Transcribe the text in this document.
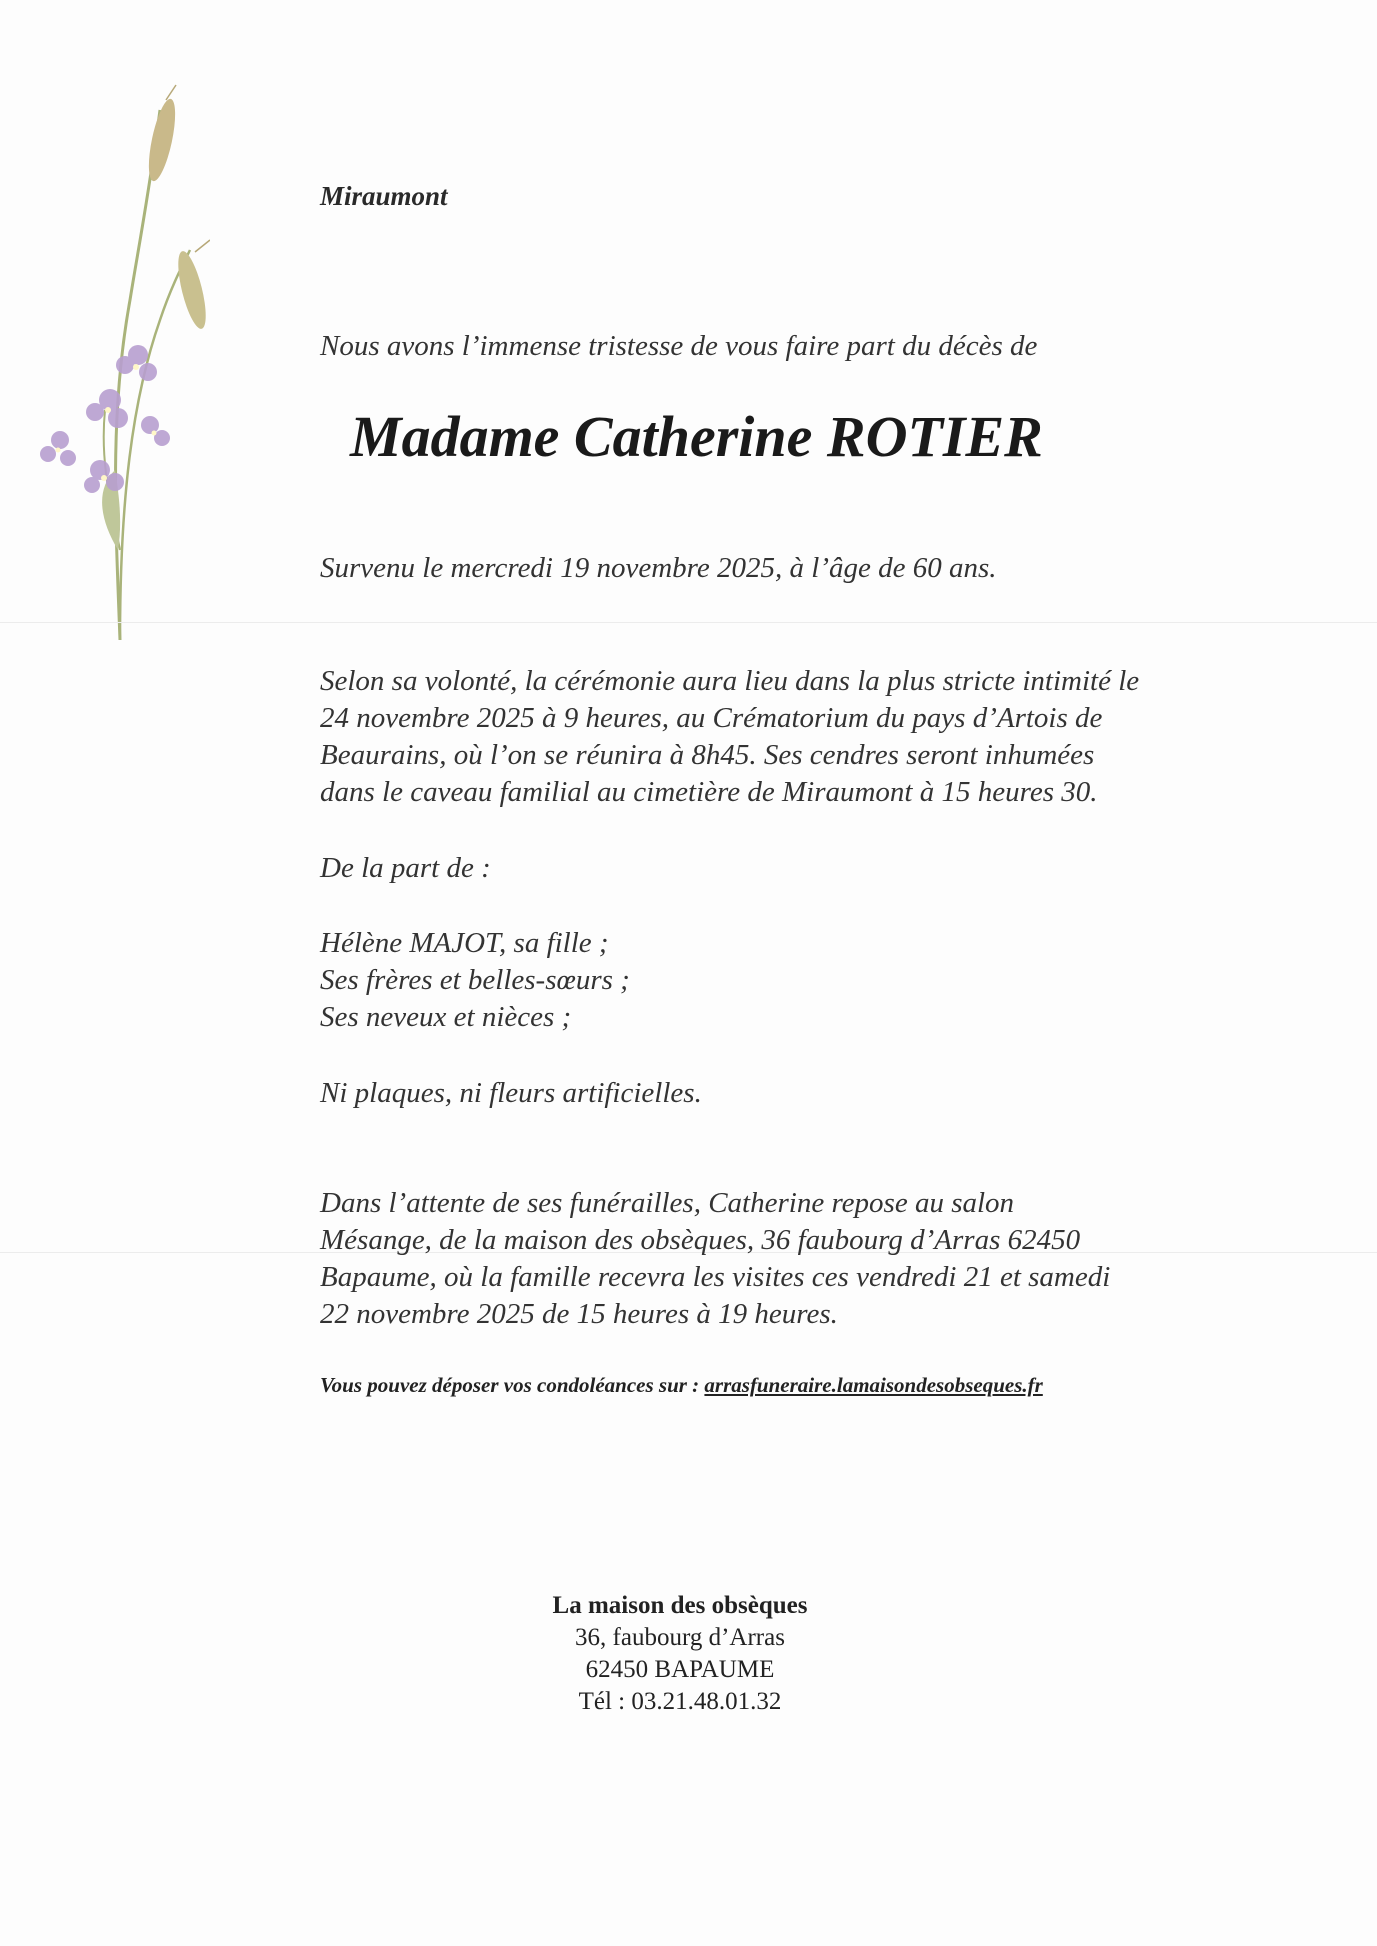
Miraumont
Nous avons l’immense tristesse de vous faire part du décès de
Madame Catherine ROTIER
Survenu le mercredi 19 novembre 2025, à l’âge de 60 ans.
Selon sa volonté, la cérémonie aura lieu dans la plus stricte intimité le
24 novembre 2025 à 9 heures, au Crématorium du pays d’Artois de
Beaurains, où l’on se réunira à 8h45. Ses cendres seront inhumées
dans le caveau familial au cimetière de Miraumont à 15 heures 30.
De la part de :
Hélène MAJOT, sa fille ;
Ses frères et belles-sœurs ;
Ses neveux et nièces ;
Ni plaques, ni fleurs artificielles.
Dans l’attente de ses funérailles, Catherine repose au salon
Mésange, de la maison des obsèques, 36 faubourg d’Arras 62450
Bapaume, où la famille recevra les visites ces vendredi 21 et samedi
22 novembre 2025 de 15 heures à 19 heures.
Vous pouvez déposer vos condoléances sur : arrasfuneraire.lamaisondesobseques.fr
La maison des obsèques
36, faubourg d’Arras
62450 BAPAUME
Tél : 03.21.48.01.32
